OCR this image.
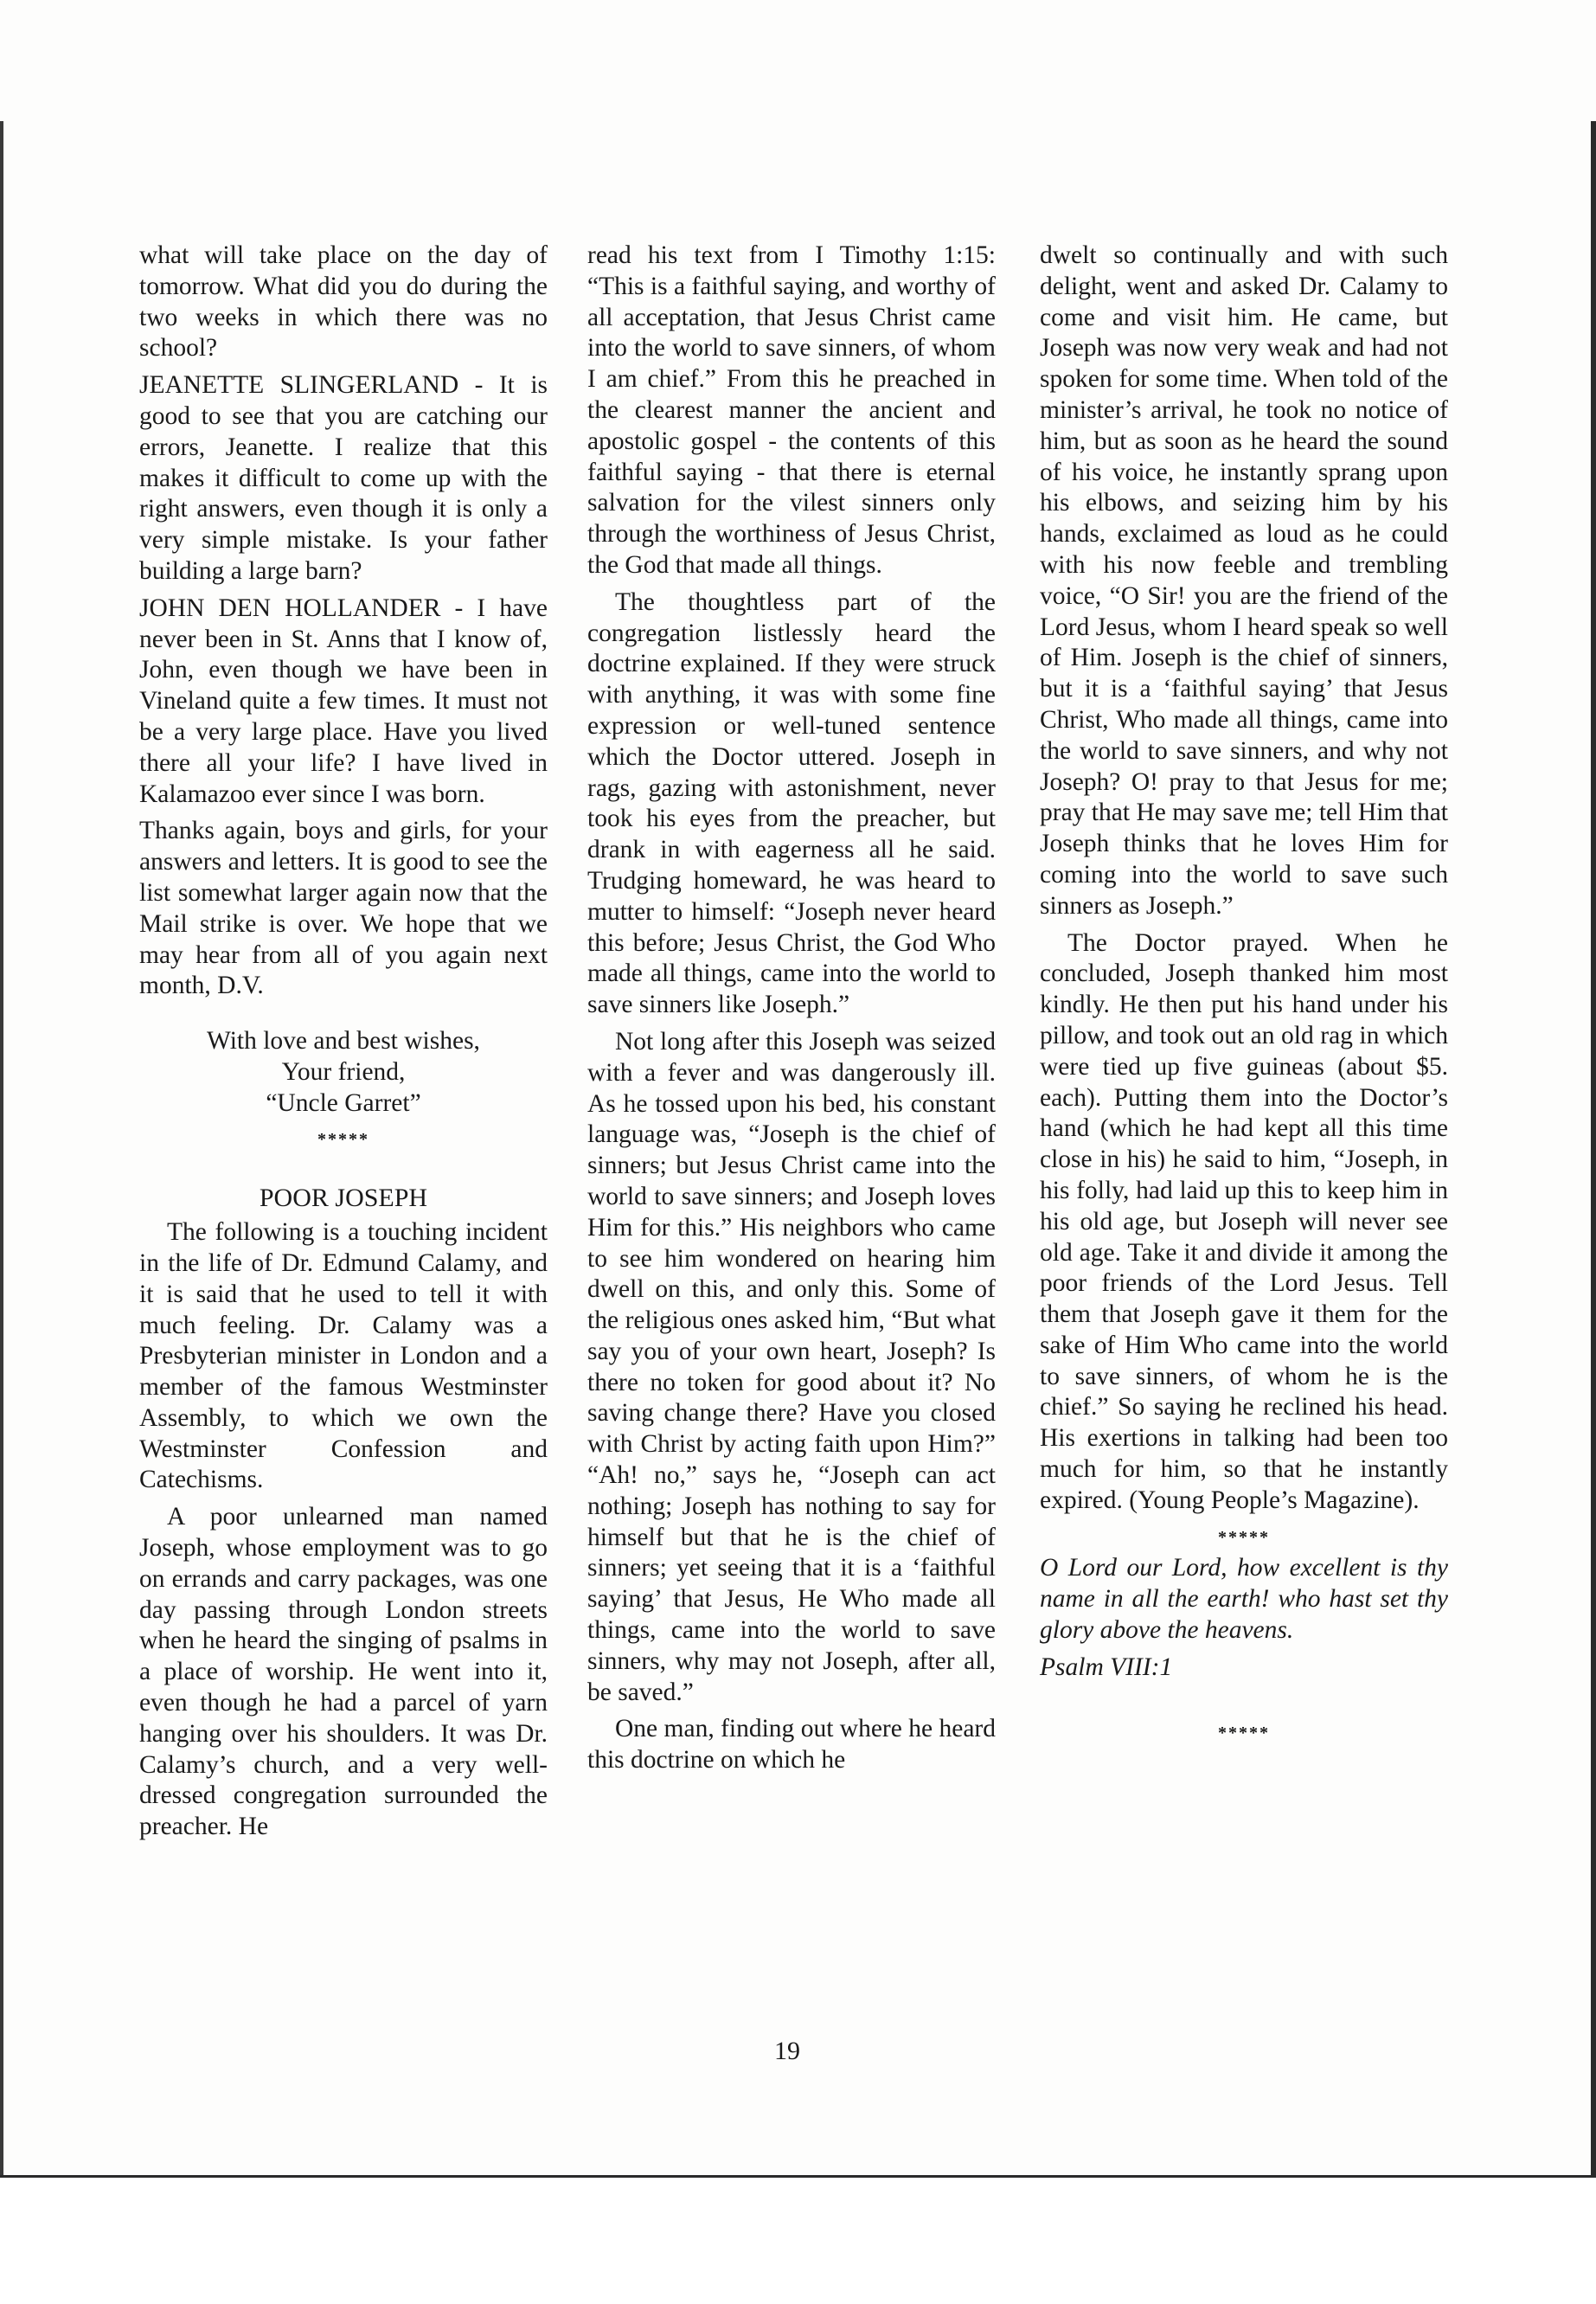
what will take place on the day of tomorrow. What did you do during the two weeks in which there was no school?

JEANETTE SLINGERLAND - It is good to see that you are catching our errors, Jeanette. I realize that this makes it difficult to come up with the right answers, even though it is only a very simple mistake. Is your father building a large barn?

JOHN DEN HOLLANDER - I have never been in St. Anns that I know of, John, even though we have been in Vineland quite a few times. It must not be a very large place. Have you lived there all your life? I have lived in Kalamazoo ever since I was born.

Thanks again, boys and girls, for your answers and letters. It is good to see the list somewhat larger again now that the Mail strike is over. We hope that we may hear from all of you again next month, D.V.

With love and best wishes,
Your friend,
“Uncle Garret”
*****
POOR JOSEPH

The following is a touching incident in the life of Dr. Edmund Calamy, and it is said that he used to tell it with much feeling. Dr. Calamy was a Presbyterian minister in London and a member of the famous Westminster Assembly, to which we own the Westminster Confession and Catechisms.

A poor unlearned man named Joseph, whose employment was to go on errands and carry packages, was one day passing through London streets when he heard the singing of psalms in a place of worship. He went into it, even though he had a parcel of yarn hanging over his shoulders. It was Dr. Calamy’s church, and a very well-dressed congregation surrounded the preacher. He

read his text from I Timothy 1:15: “This is a faithful saying, and worthy of all acceptation, that Jesus Christ came into the world to save sinners, of whom I am chief.” From this he preached in the clearest manner the ancient and apostolic gospel - the contents of this faithful saying - that there is eternal salvation for the vilest sinners only through the worthiness of Jesus Christ, the God that made all things.

The thoughtless part of the congregation listlessly heard the doctrine explained. If they were struck with anything, it was with some fine expression or well-tuned sentence which the Doctor uttered. Joseph in rags, gazing with astonishment, never took his eyes from the preacher, but drank in with eagerness all he said. Trudging homeward, he was heard to mutter to himself: “Joseph never heard this before; Jesus Christ, the God Who made all things, came into the world to save sinners like Joseph.”

Not long after this Joseph was seized with a fever and was dangerously ill. As he tossed upon his bed, his constant language was, “Joseph is the chief of sinners; but Jesus Christ came into the world to save sinners; and Joseph loves Him for this.” His neighbors who came to see him wondered on hearing him dwell on this, and only this. Some of the religious ones asked him, “But what say you of your own heart, Joseph? Is there no token for good about it? No saving change there? Have you closed with Christ by acting faith upon Him?” “Ah! no,” says he, “Joseph can act nothing; Joseph has nothing to say for himself but that he is the chief of sinners; yet seeing that it is a ‘faithful saying’ that Jesus, He Who made all things, came into the world to save sinners, why may not Joseph, after all, be saved.”

One man, finding out where he heard this doctrine on which he

dwelt so continually and with such delight, went and asked Dr. Calamy to come and visit him. He came, but Joseph was now very weak and had not spoken for some time. When told of the minister’s arrival, he took no notice of him, but as soon as he heard the sound of his voice, he instantly sprang upon his elbows, and seizing him by his hands, exclaimed as loud as he could with his now feeble and trembling voice, “O Sir! you are the friend of the Lord Jesus, whom I heard speak so well of Him. Joseph is the chief of sinners, but it is a ‘faithful saying’ that Jesus Christ, Who made all things, came into the world to save sinners, and why not Joseph? O! pray to that Jesus for me; pray that He may save me; tell Him that Joseph thinks that he loves Him for coming into the world to save such sinners as Joseph.”

The Doctor prayed. When he concluded, Joseph thanked him most kindly. He then put his hand under his pillow, and took out an old rag in which were tied up five guineas (about $5. each). Putting them into the Doctor’s hand (which he had kept all this time close in his) he said to him, “Joseph, in his folly, had laid up this to keep him in his old age, but Joseph will never see old age. Take it and divide it among the poor friends of the Lord Jesus. Tell them that Joseph gave it them for the sake of Him Who came into the world to save sinners, of whom he is the chief.” So saying he reclined his head. His exertions in talking had been too much for him, so that he instantly expired. (Young People’s Magazine).

*****

O Lord our Lord, how excellent is thy name in all the earth! who hast set thy glory above the heavens.

Psalm VIII:1

*****
19
